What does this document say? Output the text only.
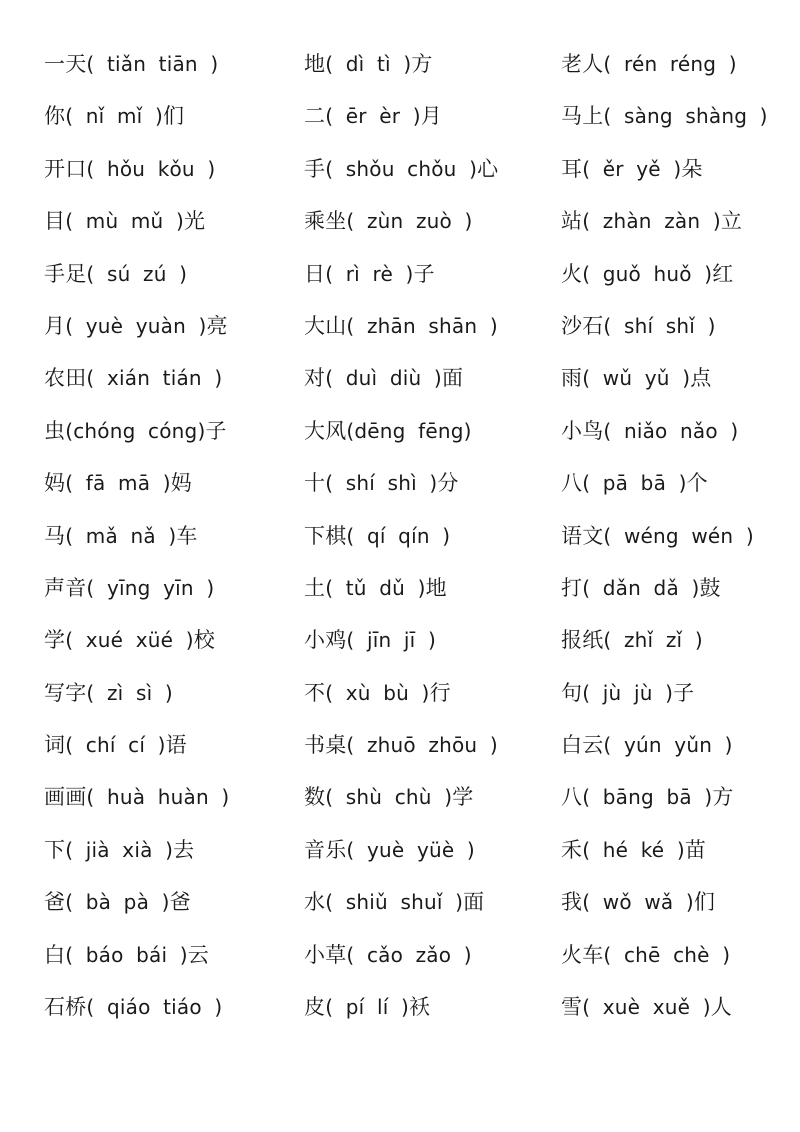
一天( tiǎn tiān )
你( nǐ mǐ )们
开口( hǒu kǒu )
目( mù mǔ )光
手足( sú zú )
月( yuè yuàn )亮
农田( xián tián )
虫(chóng cóng)子
妈( fā mā )妈
马( mǎ nǎ )车
声音( yīng yīn )
学( xué xüé )校
写字( zì sì )
词( chí cí )语
画画( huà huàn )
下( jià xià )去
爸( bà pà )爸
白( báo bái )云
石桥( qiáo tiáo )
地( dì tì )方
二( ēr èr )月
手( shǒu chǒu )心
乘坐( zùn zuò )
日( rì rè )子
大山( zhān shān )
对( duì diù )面
大风(dēng fēng)
十( shí shì )分
下棋( qí qín )
土( tǔ dǔ )地
小鸡( jīn jī )
不( xù bù )行
书桌( zhuō zhōu )
数( shù chù )学
音乐( yuè yüè )
水( shiǔ shuǐ )面
小草( cǎo zǎo )
皮( pí lí )袄
老人( rén réng )
马上( sàng shàng )
耳( ěr yě )朵
站( zhàn zàn )立
火( guǒ huǒ )红
沙石( shí shǐ )
雨( wǔ yǔ )点
小鸟( niǎo nǎo )
八( pā bā )个
语文( wéng wén )
打( dǎn dǎ )鼓
报纸( zhǐ zǐ )
句( jù jù )子
白云( yún yǔn )
八( bāng bā )方
禾( hé ké )苗
我( wǒ wǎ )们
火车( chē chè )
雪( xuè xuě )人
